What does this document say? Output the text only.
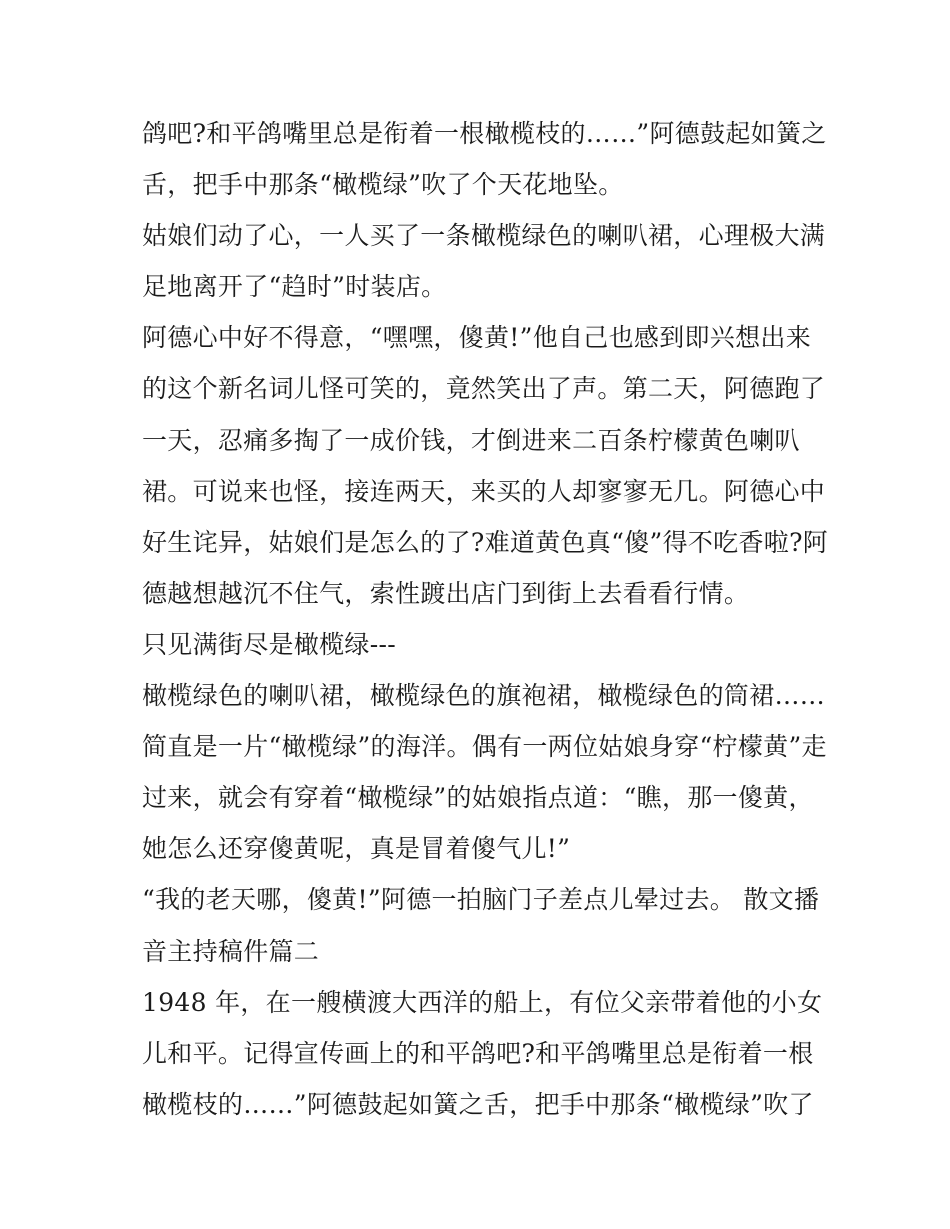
鸽吧?和平鸽嘴里总是衔着一根橄榄枝的……”阿德鼓起如簧之
舌，把手中那条“橄榄绿”吹了个天花地坠。
姑娘们动了心，一人买了一条橄榄绿色的喇叭裙，心理极大满
足地离开了“趋时”时装店。
阿德心中好不得意，“嘿嘿，傻黄!”他自己也感到即兴想出来
的这个新名词儿怪可笑的，竟然笑出了声。第二天，阿德跑了
一天，忍痛多掏了一成价钱，才倒进来二百条柠檬黄色喇叭
裙。可说来也怪，接连两天，来买的人却寥寥无几。阿德心中
好生诧异，姑娘们是怎么的了?难道黄色真“傻”得不吃香啦?阿
德越想越沉不住气，索性踱出店门到街上去看看行情。
只见满街尽是橄榄绿---
橄榄绿色的喇叭裙，橄榄绿色的旗袍裙，橄榄绿色的筒裙……
简直是一片“橄榄绿”的海洋。偶有一两位姑娘身穿“柠檬黄”走
过来，就会有穿着“橄榄绿”的姑娘指点道：“瞧，那一傻黄，
她怎么还穿傻黄呢，真是冒着傻气儿!”
“我的老天哪，傻黄!”阿德一拍脑门子差点儿晕过去。 散文播
音主持稿件篇二
1948 年，在一艘横渡大西洋的船上，有位父亲带着他的小女
儿和平。记得宣传画上的和平鸽吧?和平鸽嘴里总是衔着一根
橄榄枝的……”阿德鼓起如簧之舌，把手中那条“橄榄绿”吹了
